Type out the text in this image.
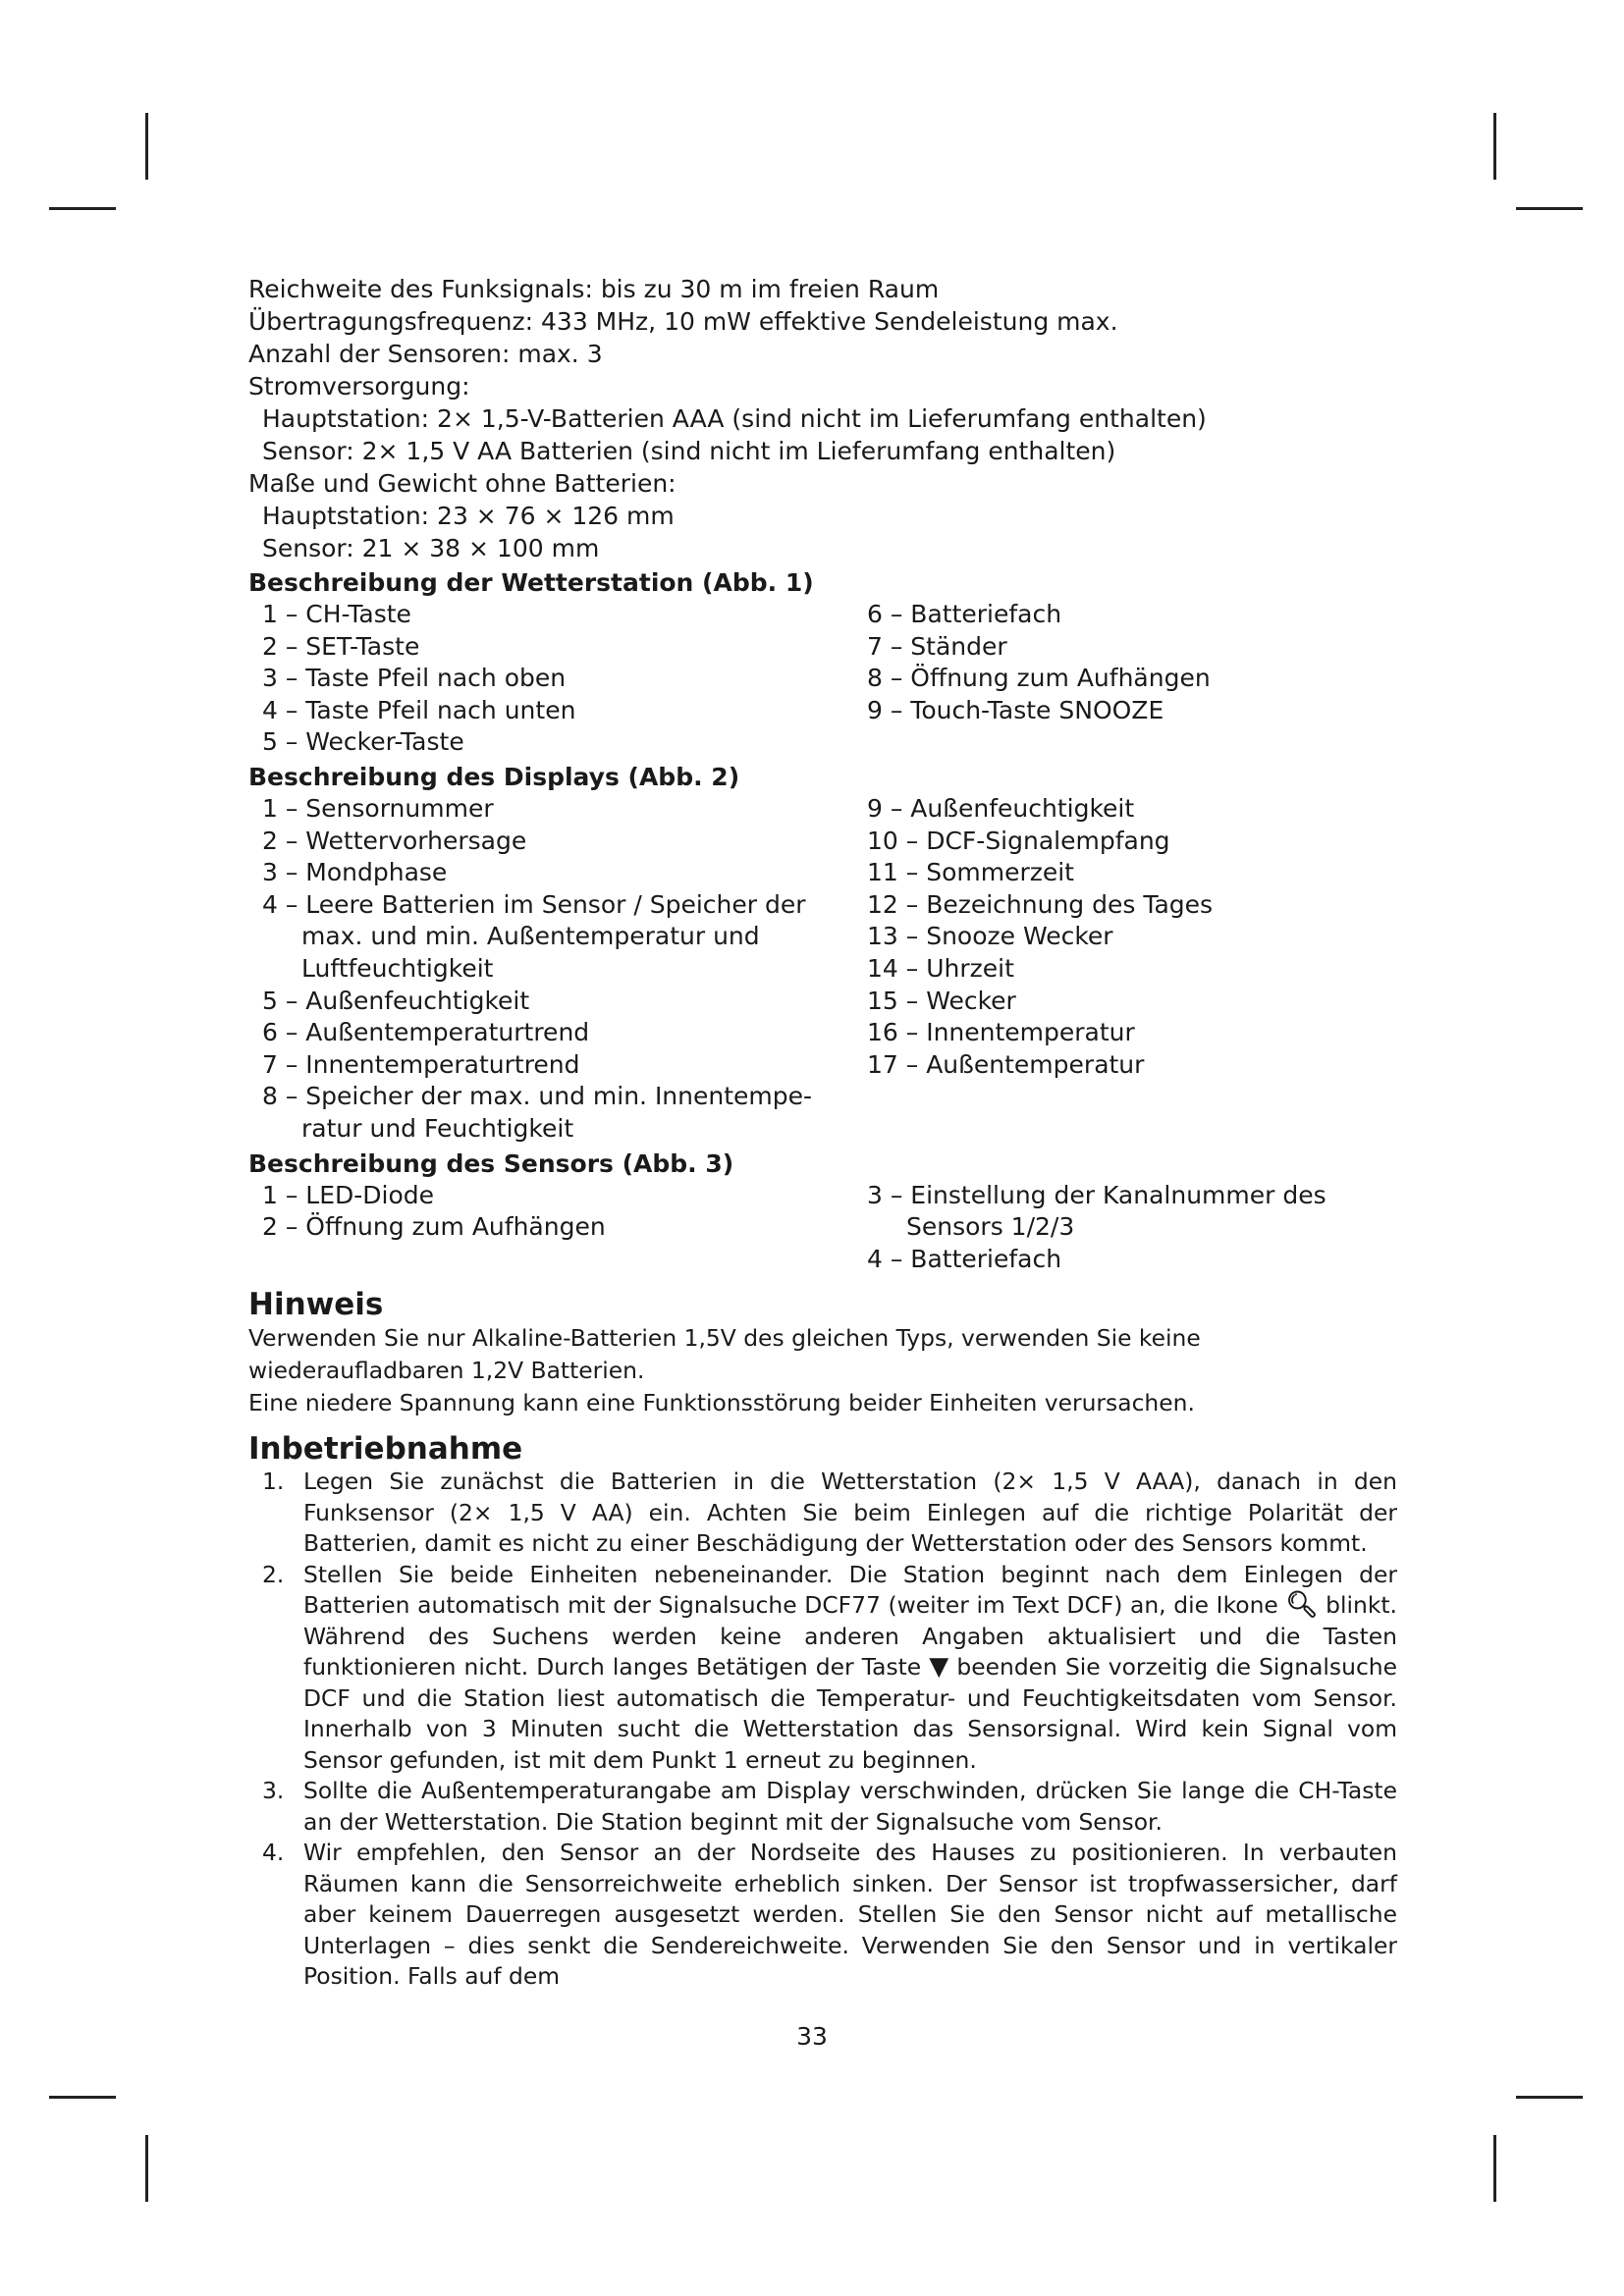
Reichweite des Funksignals: bis zu 30 m im freien Raum
Übertragungsfrequenz: 433 MHz, 10 mW effektive Sendeleistung max.
Anzahl der Sensoren: max. 3
Stromversorgung:
Hauptstation: 2× 1,5-V-Batterien AAA (sind nicht im Lieferumfang enthalten)
Sensor: 2× 1,5 V AA Batterien (sind nicht im Lieferumfang enthalten)
Maße und Gewicht ohne Batterien:
Hauptstation: 23 × 76 × 126 mm
Sensor: 21 × 38 × 100 mm
Beschreibung der Wetterstation (Abb. 1)
1 – CH-Taste
2 – SET-Taste
3 – Taste Pfeil nach oben
4 – Taste Pfeil nach unten
5 – Wecker-Taste
6 – Batteriefach
7 – Ständer
8 – Öffnung zum Aufhängen
9 – Touch-Taste SNOOZE
Beschreibung des Displays (Abb. 2)
1 – Sensornummer
2 – Wettervorhersage
3 – Mondphase
4 – Leere Batterien im Sensor / Speicher der max. und min. Außentemperatur und Luftfeuchtigkeit
5 – Außenfeuchtigkeit
6 – Außentemperaturtrend
7 – Innentemperaturtrend
8 – Speicher der max. und min. Innentempe-ratur und Feuchtigkeit
9 – Außenfeuchtigkeit
10 – DCF-Signalempfang
11 – Sommerzeit
12 – Bezeichnung des Tages
13 – Snooze Wecker
14 – Uhrzeit
15 – Wecker
16 – Innentemperatur
17 – Außentemperatur
Beschreibung des Sensors (Abb. 3)
1 – LED-Diode
2 – Öffnung zum Aufhängen
3 – Einstellung der Kanalnummer des Sensors 1/2/3
4 – Batteriefach
Hinweis
Verwenden Sie nur Alkaline-Batterien 1,5V des gleichen Typs, verwenden Sie keine wiederaufladbaren 1,2V Batterien.
Eine niedere Spannung kann eine Funktionsstörung beider Einheiten verursachen.
Inbetriebnahme
1. Legen Sie zunächst die Batterien in die Wetterstation (2× 1,5 V AAA), danach in den Funksensor (2× 1,5 V AA) ein. Achten Sie beim Einlegen auf die richtige Polarität der Batterien, damit es nicht zu einer Beschädigung der Wetterstation oder des Sensors kommt.
2. Stellen Sie beide Einheiten nebeneinander. Die Station beginnt nach dem Einlegen der Batterien automatisch mit der Signalsuche DCF77 (weiter im Text DCF) an, die Ikone 🔍︎ blinkt. Während des Suchens werden keine anderen Angaben aktualisiert und die Tasten funktionieren nicht. Durch langes Betätigen der Taste ▼ beenden Sie vorzeitig die Signalsuche DCF und die Station liest automatisch die Temperatur- und Feuchtigkeitsdaten vom Sensor. Innerhalb von 3 Minuten sucht die Wetterstation das Sensorsignal. Wird kein Signal vom Sensor gefunden, ist mit dem Punkt 1 erneut zu beginnen.
3. Sollte die Außentemperaturangabe am Display verschwinden, drücken Sie lange die CH-Taste an der Wetterstation. Die Station beginnt mit der Signalsuche vom Sensor.
4. Wir empfehlen, den Sensor an der Nordseite des Hauses zu positionieren. In verbauten Räumen kann die Sensorreichweite erheblich sinken. Der Sensor ist tropfwassersicher, darf aber keinem Dauerregen ausgesetzt werden. Stellen Sie den Sensor nicht auf metallische Unterlagen – dies senkt die Sendereichweite. Verwenden Sie den Sensor und in vertikaler Position. Falls auf dem
33
